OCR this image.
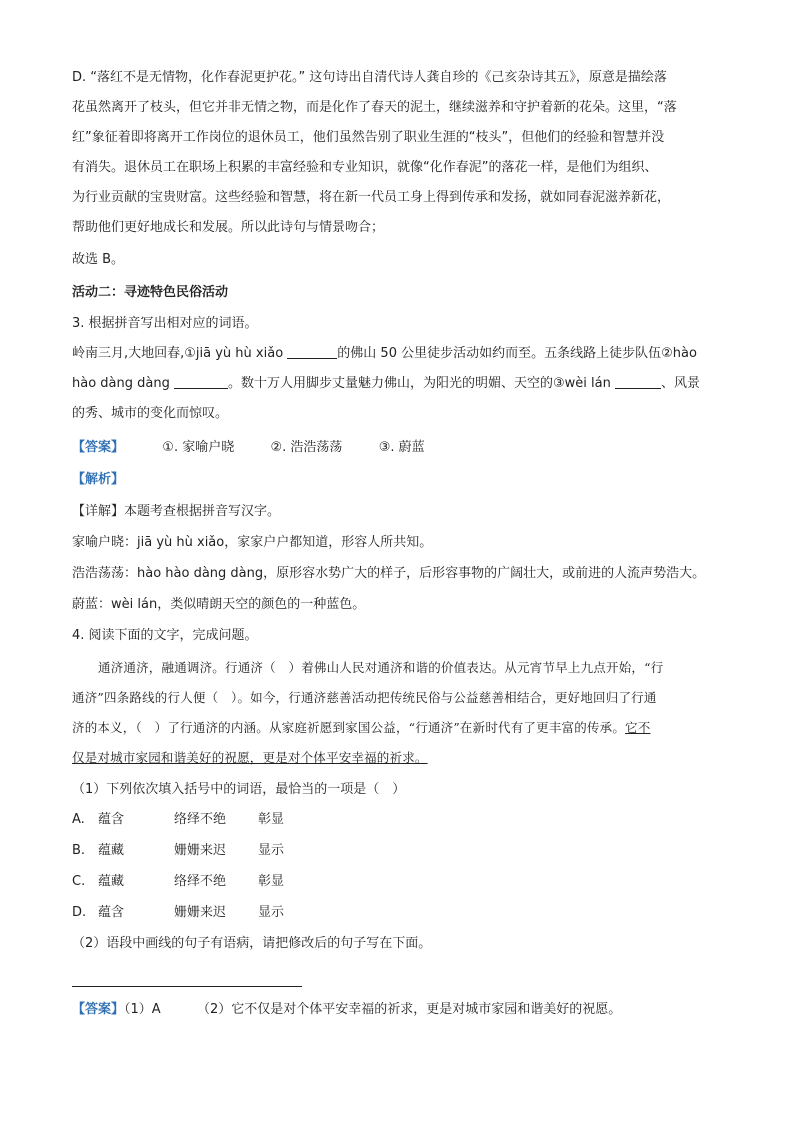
D. “落红不是无情物，化作春泥更护花。” 这句诗出自清代诗人龚自珍的《己亥杂诗其五》，原意是描绘落
花虽然离开了枝头，但它并非无情之物，而是化作了春天的泥土，继续滋养和守护着新的花朵。这里，“落
红”象征着即将离开工作岗位的退休员工，他们虽然告别了职业生涯的“枝头”，但他们的经验和智慧并没
有消失。退休员工在职场上积累的丰富经验和专业知识，就像“化作春泥”的落花一样，是他们为组织、
为行业贡献的宝贵财富。这些经验和智慧，将在新一代员工身上得到传承和发扬，就如同春泥滋养新花，
帮助他们更好地成长和发展。所以此诗句与情景吻合；
故选 B。
活动二：寻迹特色民俗活动
3. 根据拼音写出相对应的词语。
岭南三月,大地回春,①jiā yù hù xiǎo	的佛山 50 公里徒步活动如约而至。五条线路上徒步队伍②hào
hào dàng dàng	。数十万人用脚步丈量魅力佛山，为阳光的明媚、天空的③wèi lán	、风景
的秀、城市的变化而惊叹。
【答案】	①. 家喻户晓	②. 浩浩荡荡	③. 蔚蓝
【解析】
【详解】本题考查根据拼音写汉字。
家喻户晓：jiā yù hù xiǎo，家家户户都知道，形容人所共知。
浩浩荡荡：hào hào dàng dàng，原形容水势广大的样子，后形容事物的广阔壮大，或前进的人流声势浩大。
蔚蓝：wèi lán，类似晴朗天空的颜色的一种蓝色。
4. 阅读下面的文字，完成问题。
通济通济，融通调济。行通济（　）着佛山人民对通济和谐的价值表达。从元宵节早上九点开始，“行
通济”四条路线的行人便（　）。如今，行通济慈善活动把传统民俗与公益慈善相结合，更好地回归了行通
济的本义，（　）了行通济的内涵。从家庭祈愿到家国公益，“行通济”在新时代有了更丰富的传承。它不
仅是对城市家园和谐美好的祝愿，更是对个体平安幸福的祈求。
（1）下列依次填入括号中的词语，最恰当的一项是（　）
A. 蕴含	络绎不绝 彰显
B. 蕴藏	姗姗来迟 显示
C. 蕴藏	络绎不绝 彰显
D. 蕴含	姗姗来迟 显示
（2）语段中画线的句子有语病，请把修改后的句子写在下面。
【答案】（1）A	（2）它不仅是对个体平安幸福的祈求，更是对城市家园和谐美好的祝愿。
